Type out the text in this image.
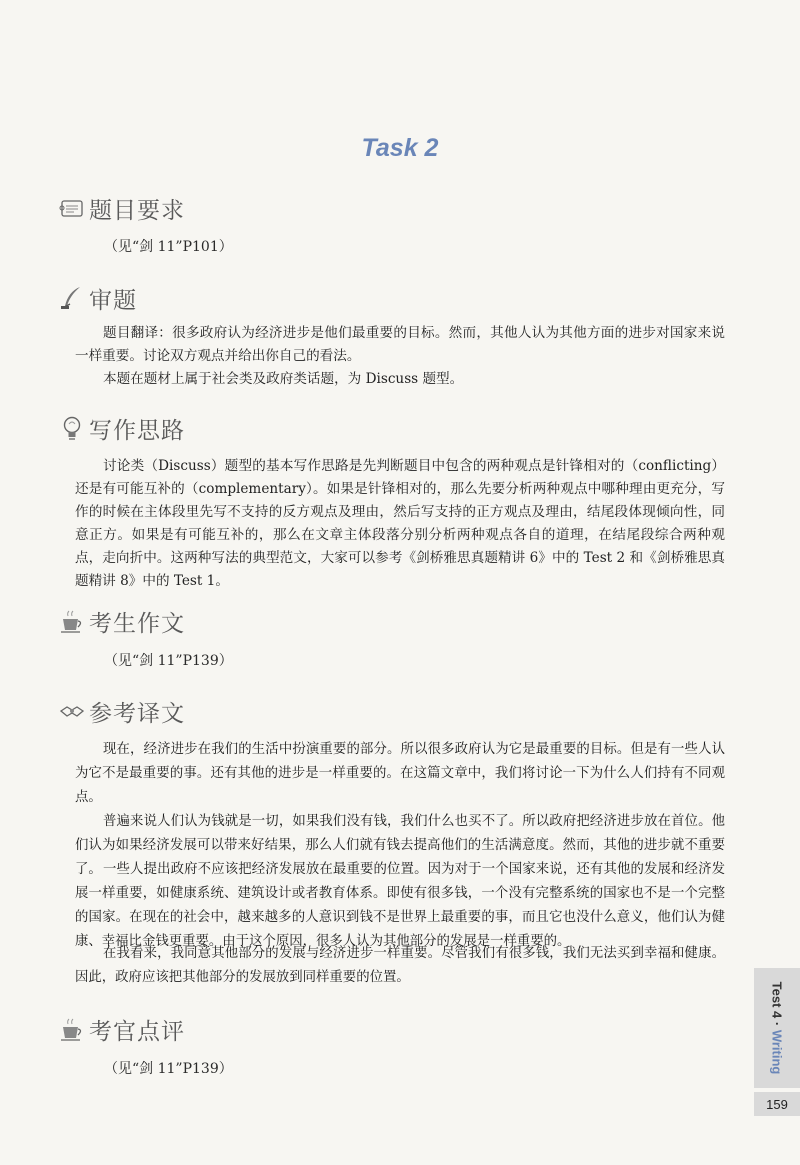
Task 2
题目要求
（见“剑 11”P101）
审题

题目翻译：很多政府认为经济进步是他们最重要的目标。然而，其他人认为其他方面的进步对国家来说一样重要。讨论双方观点并给出你自己的看法。

本题在题材上属于社会类及政府类话题，为 Discuss 题型。

写作思路

讨论类（Discuss）题型的基本写作思路是先判断题目中包含的两种观点是针锋相对的（conflicting）还是有可能互补的（complementary）。如果是针锋相对的，那么先要分析两种观点中哪种理由更充分，写作的时候在主体段里先写不支持的反方观点及理由，然后写支持的正方观点及理由，结尾段体现倾向性，同意正方。如果是有可能互补的，那么在文章主体段落分别分析两种观点各自的道理，在结尾段综合两种观点，走向折中。这两种写法的典型范文，大家可以参考《剑桥雅思真题精讲 6》中的 Test 2 和《剑桥雅思真题精讲 8》中的 Test 1。

考生作文
（见“剑 11”P139）
参考译文

现在，经济进步在我们的生活中扮演重要的部分。所以很多政府认为它是最重要的目标。但是有一些人认为它不是最重要的事。还有其他的进步是一样重要的。在这篇文章中，我们将讨论一下为什么人们持有不同观点。

普遍来说人们认为钱就是一切，如果我们没有钱，我们什么也买不了。所以政府把经济进步放在首位。他们认为如果经济发展可以带来好结果，那么人们就有钱去提高他们的生活满意度。然而，其他的进步就不重要了。 一些人提出政府不应该把经济发展放在最重要的位置。因为对于一个国家来说，还有其他的发展和经济发展一样重要，如健康系统、建筑设计或者教育体系。即使有很多钱，一个没有完整系统的国家也不是一个完整的国家。在现在的社会中，越来越多的人意识到钱不是世界上最重要的事，而且它也没什么意义，他们认为健康、幸福比金钱更重要。由于这个原因，很多人认为其他部分的发展是一样重要的。

在我看来，我同意其他部分的发展与经济进步一样重要。尽管我们有很多钱，我们无法买到幸福和健康。因此，政府应该把其他部分的发展放到同样重要的位置。

考官点评
（见“剑 11”P139）
Test 4 · Writing
159
